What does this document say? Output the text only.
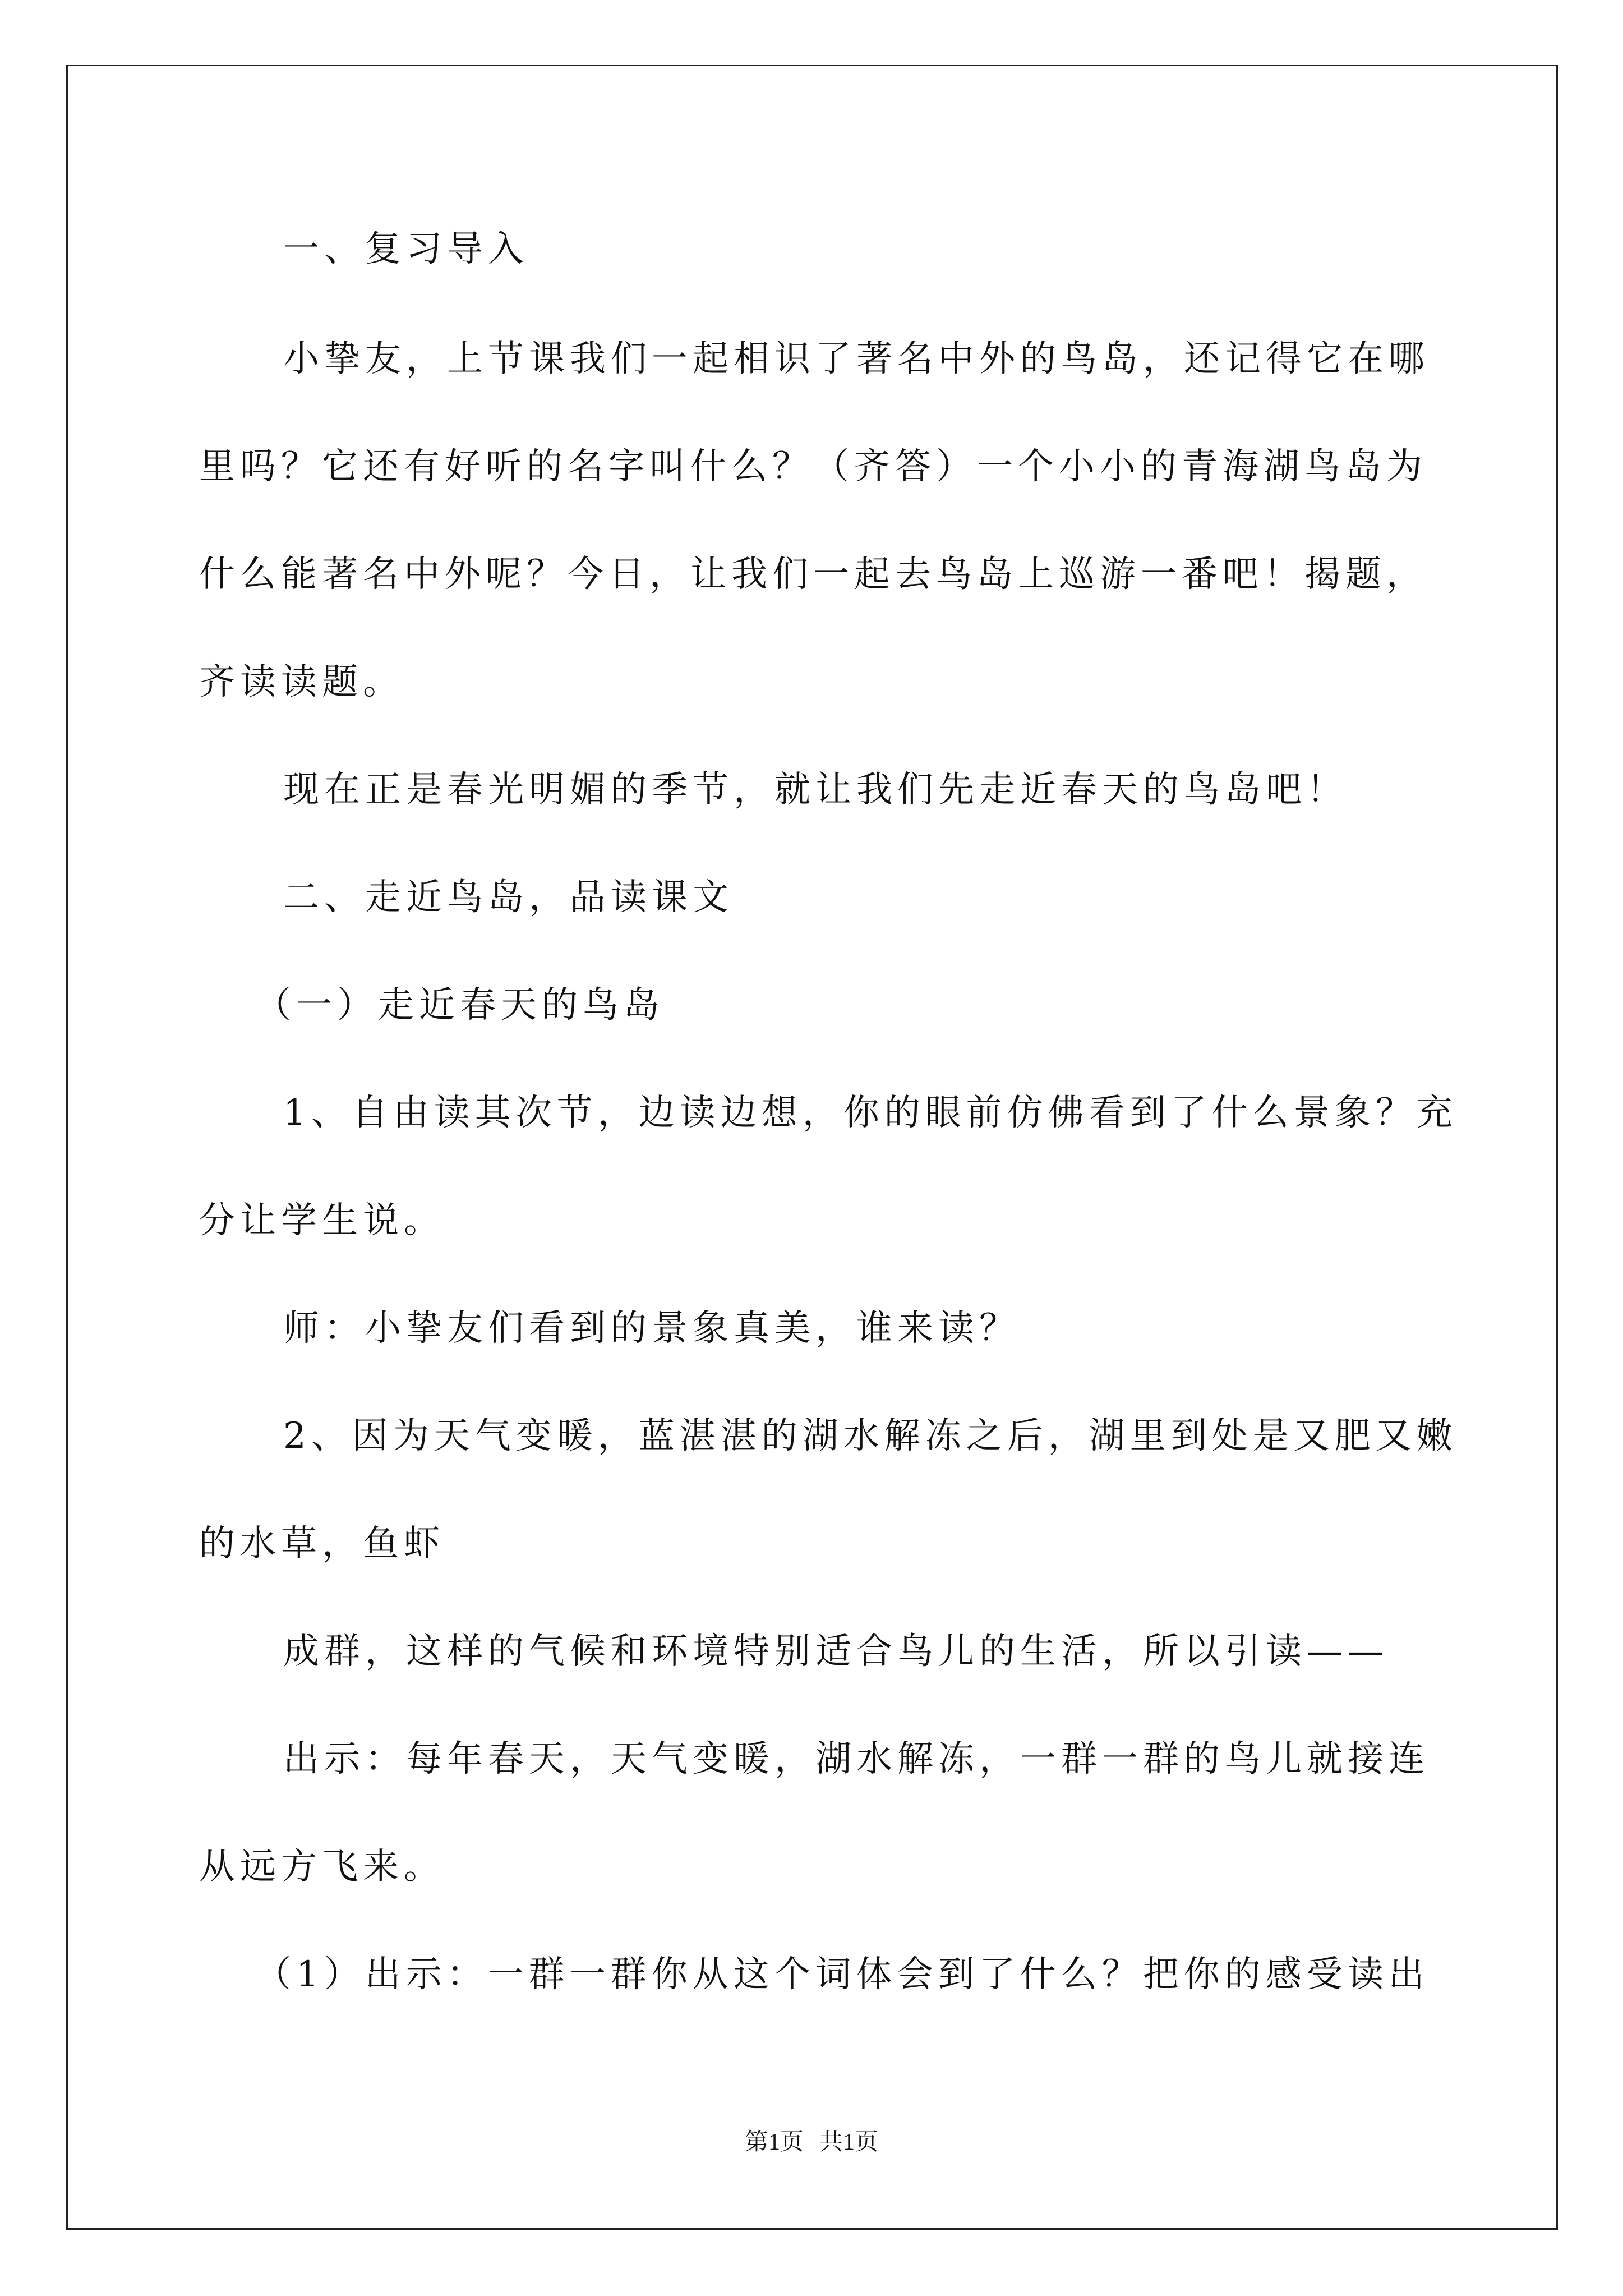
一、复习导入
小挚友，上节课我们一起相识了著名中外的鸟岛，还记得它在哪
里吗？它还有好听的名字叫什么？（齐答）一个小小的青海湖鸟岛为
什么能著名中外呢？今日，让我们一起去鸟岛上巡游一番吧！揭题，
齐读读题。
现在正是春光明媚的季节，就让我们先走近春天的鸟岛吧！
二、走近鸟岛，品读课文
（一）走近春天的鸟岛
1、自由读其次节，边读边想，你的眼前仿佛看到了什么景象？充
分让学生说。
师：小挚友们看到的景象真美，谁来读？
2、因为天气变暖，蓝湛湛的湖水解冻之后，湖里到处是又肥又嫩
的水草，鱼虾
成群，这样的气候和环境特别适合鸟儿的生活，所以引读——
出示：每年春天，天气变暖，湖水解冻，一群一群的鸟儿就接连
从远方飞来。
（1）出示：一群一群你从这个词体会到了什么？把你的感受读出
第1页 共1页
